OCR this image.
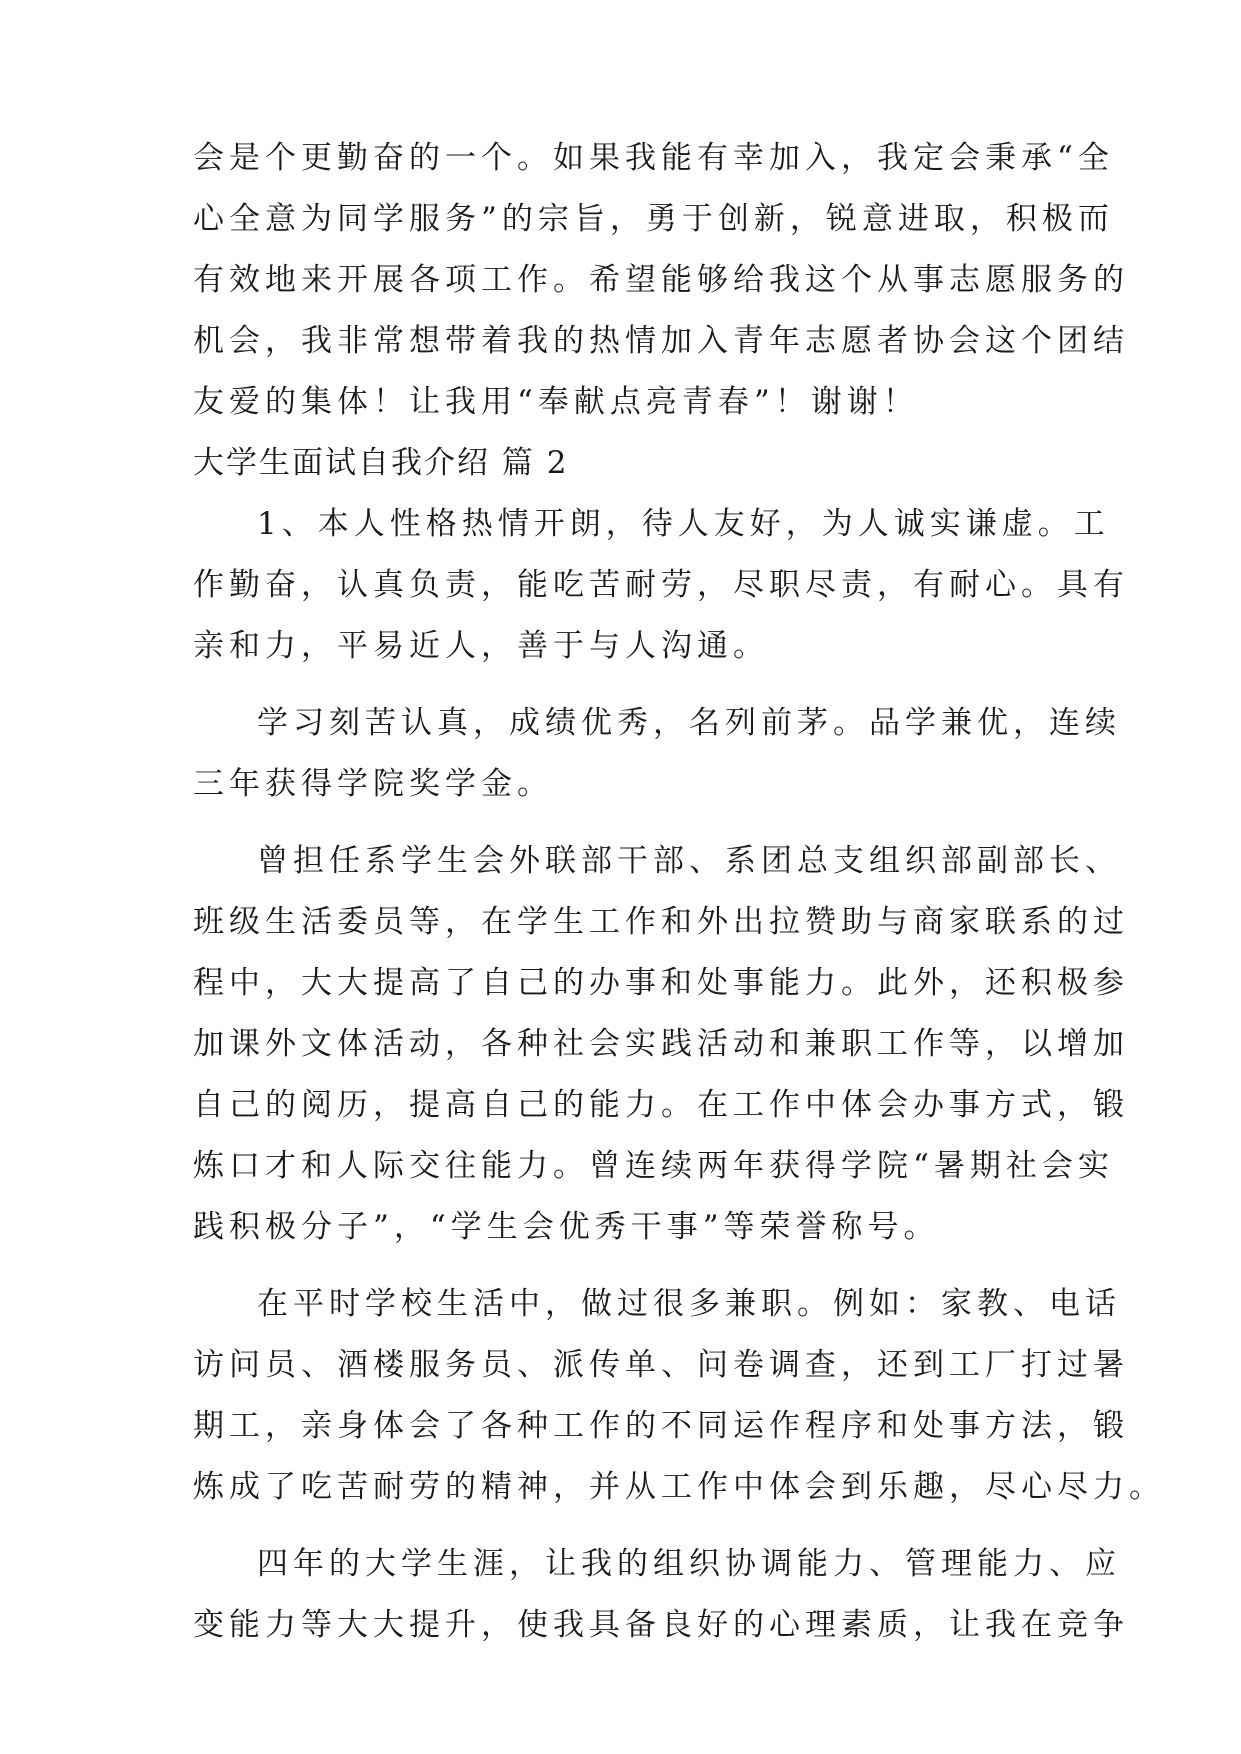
会是个更勤奋的一个。如果我能有幸加入，我定会秉承“全
心全意为同学服务”的宗旨，勇于创新，锐意进取，积极而
有效地来开展各项工作。希望能够给我这个从事志愿服务的
机会，我非常想带着我的热情加入青年志愿者协会这个团结
友爱的集体！让我用“奉献点亮青春”！谢谢！
大学生面试自我介绍 篇 2
1、本人性格热情开朗，待人友好，为人诚实谦虚。工
作勤奋，认真负责，能吃苦耐劳，尽职尽责，有耐心。具有
亲和力，平易近人，善于与人沟通。
学习刻苦认真，成绩优秀，名列前茅。品学兼优，连续
三年获得学院奖学金。
曾担任系学生会外联部干部、系团总支组织部副部长、
班级生活委员等，在学生工作和外出拉赞助与商家联系的过
程中，大大提高了自己的办事和处事能力。此外，还积极参
加课外文体活动，各种社会实践活动和兼职工作等，以增加
自己的阅历，提高自己的能力。在工作中体会办事方式，锻
炼口才和人际交往能力。曾连续两年获得学院“暑期社会实
践积极分子”，“学生会优秀干事”等荣誉称号。
在平时学校生活中，做过很多兼职。例如：家教、电话
访问员、酒楼服务员、派传单、问卷调查，还到工厂打过暑
期工，亲身体会了各种工作的不同运作程序和处事方法，锻
炼成了吃苦耐劳的精神，并从工作中体会到乐趣，尽心尽力。
四年的大学生涯，让我的组织协调能力、管理能力、应
变能力等大大提升，使我具备良好的心理素质，让我在竞争
